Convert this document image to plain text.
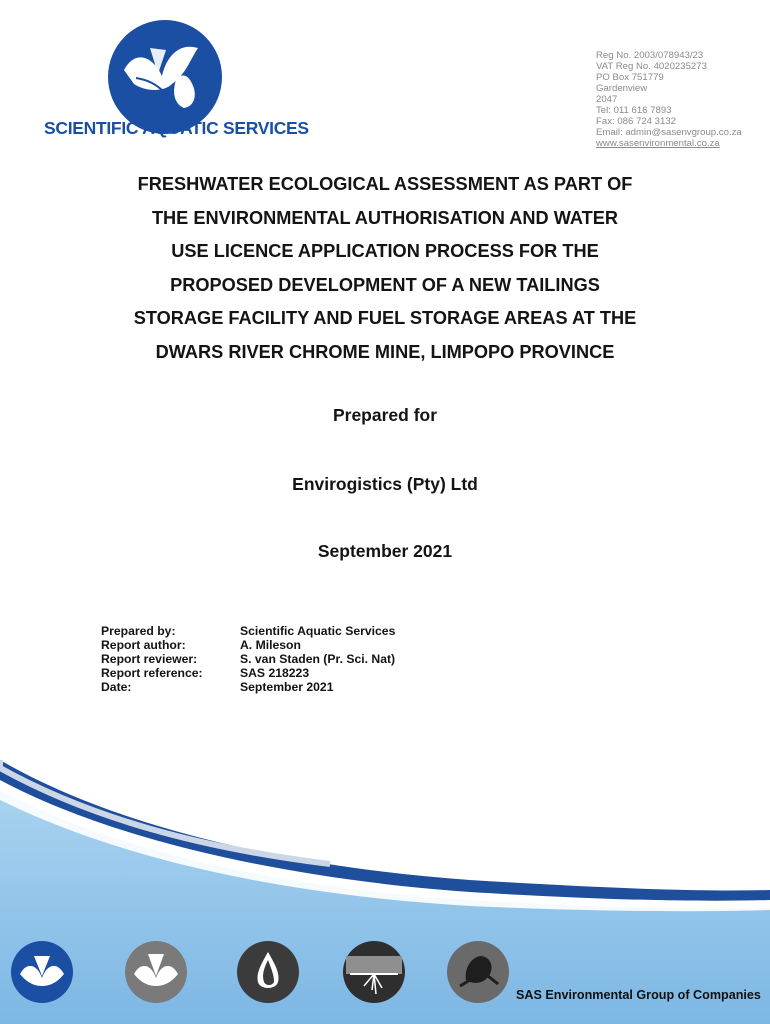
SCIENTIFIC AQUATIC SERVICES
Reg No. 2003/078943/23
VAT Reg No. 4020235273
PO Box 751779
Gardenview
2047
Tel: 011 616 7893
Fax: 086 724 3132
Email: admin@sasenvgroup.co.za
www.sasenvironmental.co.za
FRESHWATER ECOLOGICAL ASSESSMENT AS PART OF
THE ENVIRONMENTAL AUTHORISATION AND WATER
USE LICENCE APPLICATION PROCESS FOR THE
PROPOSED DEVELOPMENT OF A NEW TAILINGS
STORAGE FACILITY AND FUEL STORAGE AREAS AT THE
DWARS RIVER CHROME MINE, LIMPOPO PROVINCE
Prepared for
Envirogistics (Pty) Ltd
September 2021
Prepared by:	Scientific Aquatic Services
Report author:	A. Mileson
Report reviewer:	S. van Staden (Pr. Sci. Nat)
Report reference:	SAS 218223
Date:	September 2021
SAS Environmental Group of Companies
